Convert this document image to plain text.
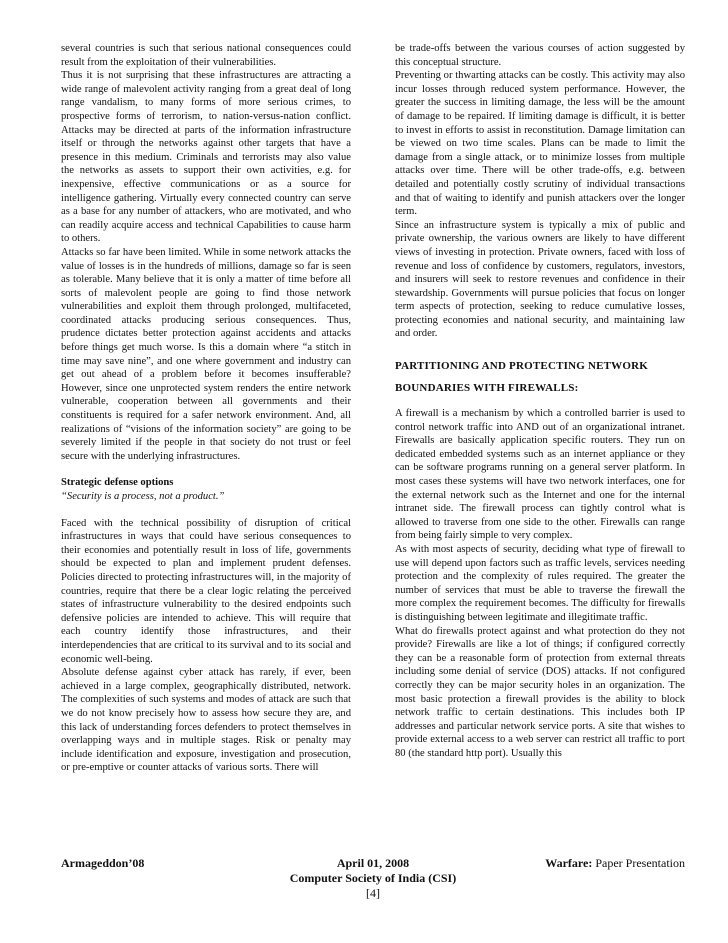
several countries is such that serious national consequences could result from the exploitation of their vulnerabilities.

Thus it is not surprising that these infrastructures are attracting a wide range of malevolent activity ranging from a great deal of long range vandalism, to many forms of more serious crimes, to prospective forms of terrorism, to nation-versus-nation conflict. Attacks may be directed at parts of the information infrastructure itself or through the networks against other targets that have a presence in this medium. Criminals and terrorists may also value the networks as assets to support their own activities, e.g. for inexpensive, effective communications or as a source for intelligence gathering. Virtually every connected country can serve as a base for any number of attackers, who are motivated, and who can readily acquire access and technical Capabilities to cause harm to others.

Attacks so far have been limited. While in some network attacks the value of losses is in the hundreds of millions, damage so far is seen as tolerable. Many believe that it is only a matter of time before all sorts of malevolent people are going to find those network vulnerabilities and exploit them through prolonged, multifaceted, coordinated attacks producing serious consequences. Thus, prudence dictates better protection against accidents and attacks before things get much worse. Is this a domain where “a stitch in time may save nine”, and one where government and industry can get out ahead of a problem before it becomes insufferable? However, since one unprotected system renders the entire network vulnerable, cooperation between all governments and their constituents is required for a safer network environment. And, all realizations of “visions of the information society” are going to be severely limited if the people in that society do not trust or feel secure with the underlying infrastructures.

Strategic defense options

“Security is a process, not a product.”

Faced with the technical possibility of disruption of critical infrastructures in ways that could have serious consequences to their economies and potentially result in loss of life, governments should be expected to plan and implement prudent defenses. Policies directed to protecting infrastructures will, in the majority of countries, require that there be a clear logic relating the perceived states of infrastructure vulnerability to the desired endpoints such defensive policies are intended to achieve. This will require that each country identify those infrastructures, and their interdependencies that are critical to its survival and to its social and economic well-being.

Absolute defense against cyber attack has rarely, if ever, been achieved in a large complex, geographically distributed, network. The complexities of such systems and modes of attack are such that we do not know precisely how to assess how secure they are, and this lack of understanding forces defenders to protect themselves in overlapping ways and in multiple stages. Risk or penalty may include identification and exposure, investigation and prosecution, or pre-emptive or counter attacks of various sorts. There will

be trade-offs between the various courses of action suggested by this conceptual structure.

Preventing or thwarting attacks can be costly. This activity may also incur losses through reduced system performance. However, the greater the success in limiting damage, the less will be the amount of damage to be repaired. If limiting damage is difficult, it is better to invest in efforts to assist in reconstitution. Damage limitation can be viewed on two time scales. Plans can be made to limit the damage from a single attack, or to minimize losses from multiple attacks over time. There will be other trade-offs, e.g. between detailed and potentially costly scrutiny of individual transactions and that of waiting to identify and punish attackers over the longer term.

Since an infrastructure system is typically a mix of public and private ownership, the various owners are likely to have different views of investing in protection. Private owners, faced with loss of revenue and loss of confidence by customers, regulators, investors, and insurers will seek to restore revenues and confidence in their stewardship. Governments will pursue policies that focus on longer term aspects of protection, seeking to reduce cumulative losses, protecting economies and national security, and maintaining law and order.

PARTITIONING AND PROTECTING NETWORK
BOUNDARIES WITH FIREWALLS:

A firewall is a mechanism by which a controlled barrier is used to control network traffic into AND out of an organizational intranet. Firewalls are basically application specific routers. They run on dedicated embedded systems such as an internet appliance or they can be software programs running on a general server platform. In most cases these systems will have two network interfaces, one for the external network such as the Internet and one for the internal intranet side. The firewall process can tightly control what is allowed to traverse from one side to the other. Firewalls can range from being fairly simple to very complex.

As with most aspects of security, deciding what type of firewall to use will depend upon factors such as traffic levels, services needing protection and the complexity of rules required. The greater the number of services that must be able to traverse the firewall the more complex the requirement becomes. The difficulty for firewalls is distinguishing between legitimate and illegitimate traffic.

What do firewalls protect against and what protection do they not provide? Firewalls are like a lot of things; if configured correctly they can be a reasonable form of protection from external threats including some denial of service (DOS) attacks. If not configured correctly they can be major security holes in an organization. The most basic protection a firewall provides is the ability to block network traffic to certain destinations. This includes both IP addresses and particular network service ports. A site that wishes to provide external access to a web server can restrict all traffic to port 80 (the standard http port). Usually this

Armageddon’08	April 01, 2008	Warfare: Paper Presentation
Computer Society of India (CSI)
[4]
